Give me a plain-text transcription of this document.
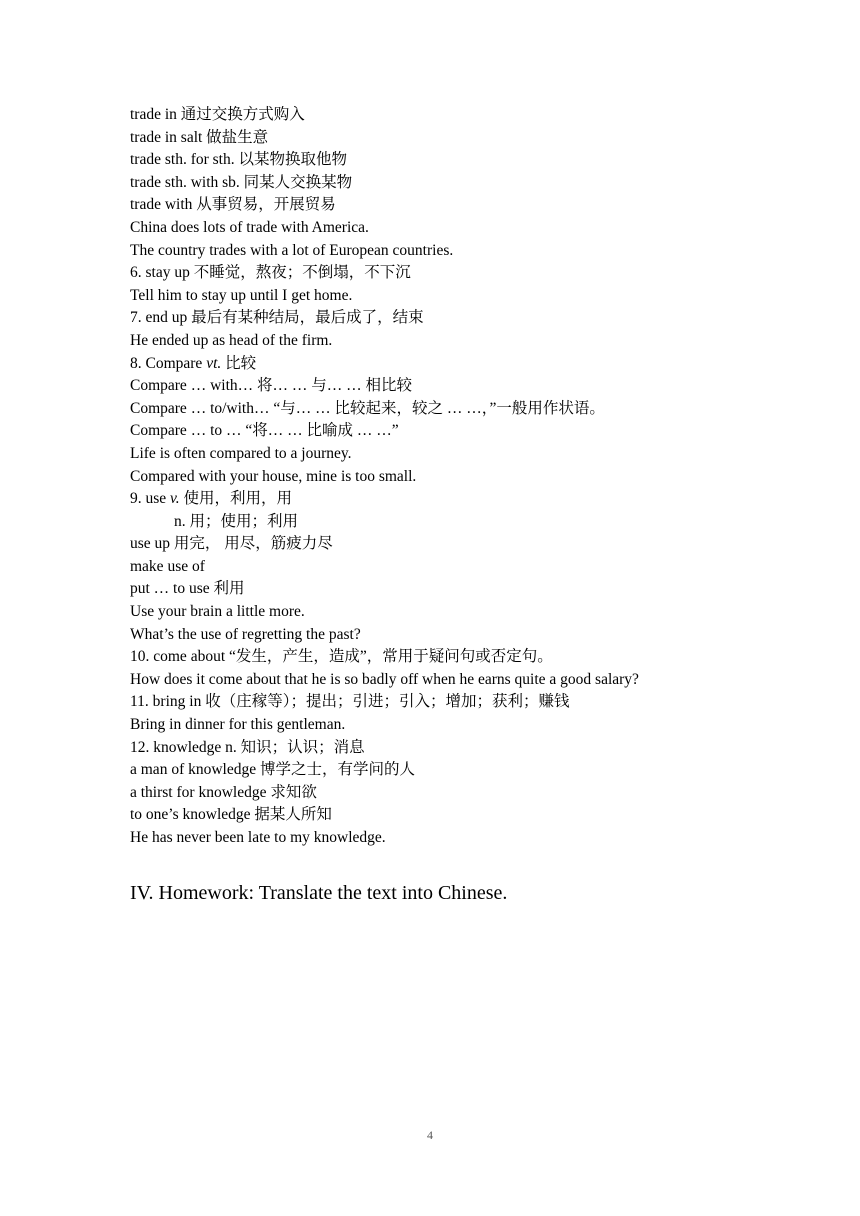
trade in 通过交换方式购入
trade in salt 做盐生意
trade sth. for sth. 以某物换取他物
trade sth. with sb. 同某人交换某物
trade with 从事贸易，开展贸易
China does lots of trade with America.
The country trades with a lot of European countries.
6. stay up 不睡觉，熬夜；不倒塌，不下沉
Tell him to stay up until I get home.
7. end up 最后有某种结局，最后成了，结束
He ended up as head of the firm.
8. Compare vt. 比较
Compare … with… 将… … 与… … 相比较
Compare … to/with… “与… … 比较起来，较之 … …，”一般用作状语。
Compare … to … “将… … 比喻成 … …”
Life is often compared to a journey.
Compared with your house, mine is too small.
9. use v. 使用，利用，用
n. 用；使用；利用
use up 用完， 用尽，筋疲力尽
make use of
put … to use 利用
Use your brain a little more.
What’s the use of regretting the past?
10. come about “发生，产生，造成”，常用于疑问句或否定句。
How does it come about that he is so badly off when he earns quite a good salary?
11. bring in 收（庄稼等）；提出；引进；引入；增加；获利；赚钱
Bring in dinner for this gentleman.
12. knowledge n. 知识；认识；消息
a man of knowledge 博学之士，有学问的人
a thirst for knowledge 求知欲
to one’s knowledge 据某人所知
He has never been late to my knowledge.
IV. Homework: Translate the text into Chinese.
4
